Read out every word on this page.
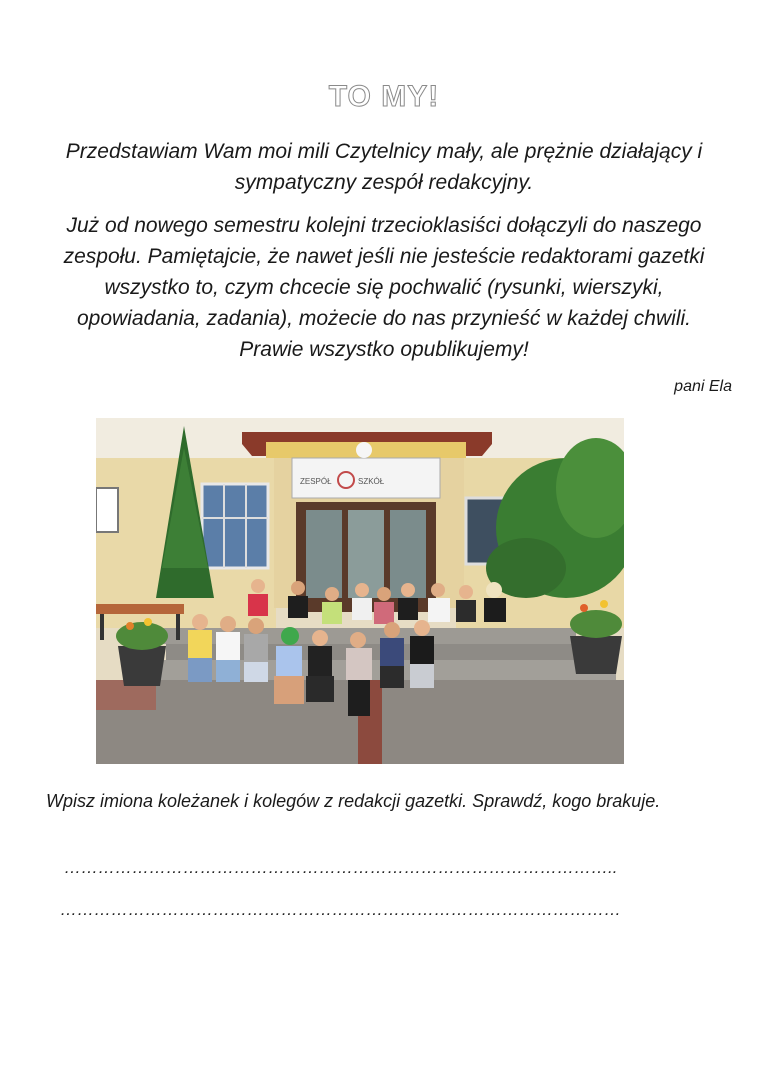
TO MY!

Przedstawiam Wam moi mili Czytelnicy mały, ale prężnie działający i sympatyczny zespół redakcyjny.

Już od nowego semestru kolejni trzecioklasiści dołączyli do naszego zespołu. Pamiętajcie, że nawet jeśli nie jesteście redaktorami gazetki wszystko to, czym chcecie się pochwalić (rysunki, wierszyki, opowiadania, zadania), możecie do nas przynieść w każdej chwili. Prawie wszystko opublikujemy!

pani Ela
ZESPÓŁ	SZKÓŁ

Wpisz imiona koleżanek i kolegów z redakcji gazetki. Sprawdź, kogo brakuje.

……………………………………………………………………………………..
………………………………………………………………………………………
